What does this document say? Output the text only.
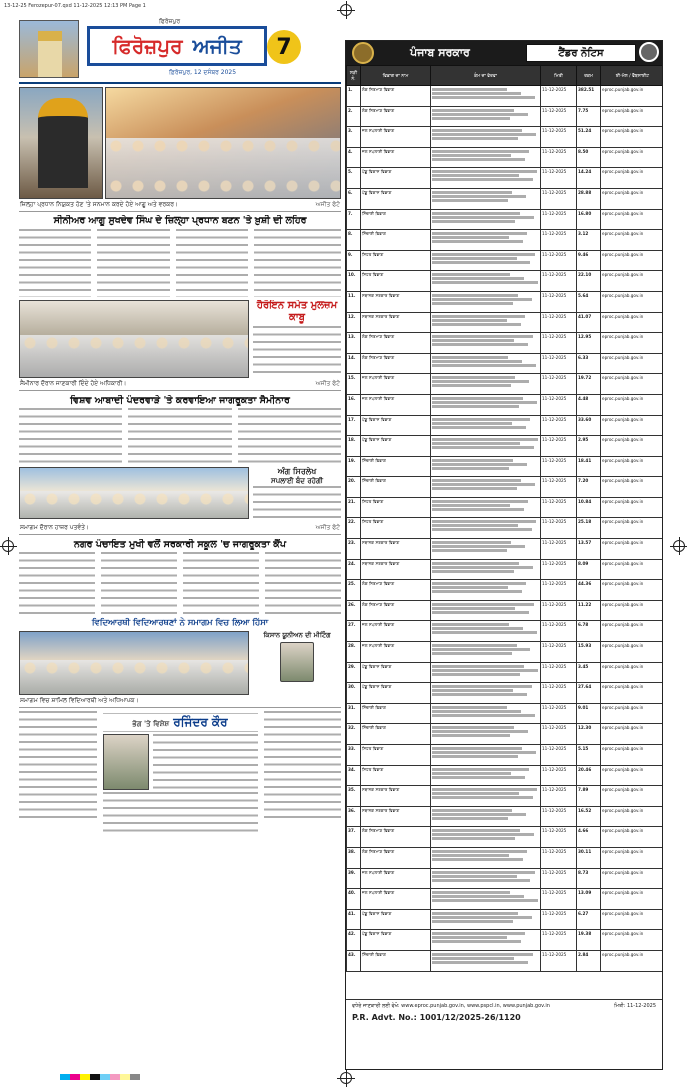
13-12-25 Ferozepur-07.qxd 11-12-2025 12:13 PM Page 1
ਫਿਰੋਜ਼ਪੁਰ
ਫਿਰੋਜ਼ਪੁਰ ਅਜੀਤ
ਫ਼ਿਰੋਜ਼ਪੁਰ, 12 ਦਸੰਬਰ 2025
7
ਜ਼ਿਲ੍ਹਾ ਪ੍ਰਧਾਨ ਨਿਯੁਕਤ ਹੋਣ 'ਤੇ ਸਨਮਾਨ ਕਰਦੇ ਹੋਏ ਆਗੂ ਅਤੇ ਵਰਕਰ।	ਅਜੀਤ ਫੋਟੋ
ਸੀਨੀਅਰ ਆਗੂ ਸੁਖਦੇਵ ਸਿੰਘ ਦੇ ਜ਼ਿਲ੍ਹਾ ਪ੍ਰਧਾਨ ਬਣਨ 'ਤੇ ਖ਼ੁਸ਼ੀ ਦੀ ਲਹਿਰ
ਹੈਰੋਇਨ ਸਮੇਤ ਮੁਲਜ਼ਮ ਕਾਬੂ
ਸੈਮੀਨਾਰ ਦੌਰਾਨ ਜਾਣਕਾਰੀ ਦਿੰਦੇ ਹੋਏ ਅਧਿਕਾਰੀ।	ਅਜੀਤ ਫੋਟੋ
ਵਿਸ਼ਵ ਆਬਾਦੀ ਪੰਦਰਵਾੜੇ 'ਤੇ ਕਰਵਾਇਆ ਜਾਗਰੂਕਤਾ ਸੈਮੀਨਾਰ
ਅੰਗ ਸਿਰਲੇਖ
ਸਪਲਾਈ ਬੰਦ ਰਹੇਗੀ
ਸਮਾਗਮ ਦੌਰਾਨ ਹਾਜ਼ਰ ਪਤਵੰਤੇ।	ਅਜੀਤ ਫੋਟੋ
ਨਗਰ ਪੰਚਾਇਤ ਮੁਖੀ ਵਲੋਂ ਸਰਕਾਰੀ ਸਕੂਲ 'ਚ ਜਾਗਰੂਕਤਾ ਕੈਂਪ
ਵਿਦਿਆਰਥੀ ਵਿਦਿਆਰਥਣਾਂ ਨੇ ਸਮਾਗਮ ਵਿਚ ਲਿਆ ਹਿੱਸਾ
ਕਿਸਾਨ ਯੂਨੀਅਨ ਦੀ ਮੀਟਿੰਗ
ਸਮਾਗਮ ਵਿਚ ਸ਼ਾਮਿਲ ਵਿਦਿਆਰਥੀ ਅਤੇ ਅਧਿਆਪਕ।
ਭੋਗ 'ਤੇ ਵਿਸ਼ੇਸ਼ ਰਜਿੰਦਰ ਕੌਰ
ਪੰਜਾਬ ਸਰਕਾਰ	ਟੈਂਡਰ ਨੋਟਿਸ
ਲੜੀ ਨੰ.	ਵਿਭਾਗ ਦਾ ਨਾਮ	ਕੰਮ ਦਾ ਵੇਰਵਾ	ਮਿਤੀ	ਰਕਮ	ਈ-ਮੇਲ / ਵੈੱਬਸਾਈਟ
1.	ਲੋਕ ਨਿਰਮਾਣ ਵਿਭਾਗ		11-12-2025	382.51	eproc.punjab.gov.in
2.	ਲੋਕ ਨਿਰਮਾਣ ਵਿਭਾਗ		11-12-2025	7.75	eproc.punjab.gov.in
3.	ਜਲ ਸਪਲਾਈ ਵਿਭਾਗ		11-12-2025	51.24	eproc.punjab.gov.in
4.	ਜਲ ਸਪਲਾਈ ਵਿਭਾਗ		11-12-2025	8.50	eproc.punjab.gov.in
5.	ਪੇਂਡੂ ਵਿਕਾਸ ਵਿਭਾਗ		11-12-2025	14.24	eproc.punjab.gov.in
6.	ਪੇਂਡੂ ਵਿਕਾਸ ਵਿਭਾਗ		11-12-2025	28.88	eproc.punjab.gov.in
7.	ਸਿੰਚਾਈ ਵਿਭਾਗ		11-12-2025	16.80	eproc.punjab.gov.in
8.	ਸਿੰਚਾਈ ਵਿਭਾਗ		11-12-2025	3.12	eproc.punjab.gov.in
9.	ਸਿਹਤ ਵਿਭਾਗ		11-12-2025	9.46	eproc.punjab.gov.in
10.	ਸਿਹਤ ਵਿਭਾਗ		11-12-2025	22.10	eproc.punjab.gov.in
11.	ਸਥਾਨਕ ਸਰਕਾਰ ਵਿਭਾਗ		11-12-2025	5.64	eproc.punjab.gov.in
12.	ਸਥਾਨਕ ਸਰਕਾਰ ਵਿਭਾਗ		11-12-2025	41.07	eproc.punjab.gov.in
13.	ਲੋਕ ਨਿਰਮਾਣ ਵਿਭਾਗ		11-12-2025	12.95	eproc.punjab.gov.in
14.	ਲੋਕ ਨਿਰਮਾਣ ਵਿਭਾਗ		11-12-2025	6.33	eproc.punjab.gov.in
15.	ਜਲ ਸਪਲਾਈ ਵਿਭਾਗ		11-12-2025	19.72	eproc.punjab.gov.in
16.	ਜਲ ਸਪਲਾਈ ਵਿਭਾਗ		11-12-2025	4.48	eproc.punjab.gov.in
17.	ਪੇਂਡੂ ਵਿਕਾਸ ਵਿਭਾਗ		11-12-2025	33.60	eproc.punjab.gov.in
18.	ਪੇਂਡੂ ਵਿਕਾਸ ਵਿਭਾਗ		11-12-2025	2.95	eproc.punjab.gov.in
19.	ਸਿੰਚਾਈ ਵਿਭਾਗ		11-12-2025	18.41	eproc.punjab.gov.in
20.	ਸਿੰਚਾਈ ਵਿਭਾਗ		11-12-2025	7.20	eproc.punjab.gov.in
21.	ਸਿਹਤ ਵਿਭਾਗ		11-12-2025	10.84	eproc.punjab.gov.in
22.	ਸਿਹਤ ਵਿਭਾਗ		11-12-2025	25.18	eproc.punjab.gov.in
23.	ਸਥਾਨਕ ਸਰਕਾਰ ਵਿਭਾਗ		11-12-2025	13.57	eproc.punjab.gov.in
24.	ਸਥਾਨਕ ਸਰਕਾਰ ਵਿਭਾਗ		11-12-2025	8.09	eproc.punjab.gov.in
25.	ਲੋਕ ਨਿਰਮਾਣ ਵਿਭਾਗ		11-12-2025	44.36	eproc.punjab.gov.in
26.	ਲੋਕ ਨਿਰਮਾਣ ਵਿਭਾਗ		11-12-2025	11.22	eproc.punjab.gov.in
27.	ਜਲ ਸਪਲਾਈ ਵਿਭਾਗ		11-12-2025	6.78	eproc.punjab.gov.in
28.	ਜਲ ਸਪਲਾਈ ਵਿਭਾਗ		11-12-2025	15.93	eproc.punjab.gov.in
29.	ਪੇਂਡੂ ਵਿਕਾਸ ਵਿਭਾਗ		11-12-2025	3.45	eproc.punjab.gov.in
30.	ਪੇਂਡੂ ਵਿਕਾਸ ਵਿਭਾਗ		11-12-2025	27.64	eproc.punjab.gov.in
31.	ਸਿੰਚਾਈ ਵਿਭਾਗ		11-12-2025	9.01	eproc.punjab.gov.in
32.	ਸਿੰਚਾਈ ਵਿਭਾਗ		11-12-2025	12.30	eproc.punjab.gov.in
33.	ਸਿਹਤ ਵਿਭਾਗ		11-12-2025	5.15	eproc.punjab.gov.in
34.	ਸਿਹਤ ਵਿਭਾਗ		11-12-2025	20.46	eproc.punjab.gov.in
35.	ਸਥਾਨਕ ਸਰਕਾਰ ਵਿਭਾਗ		11-12-2025	7.89	eproc.punjab.gov.in
36.	ਸਥਾਨਕ ਸਰਕਾਰ ਵਿਭਾਗ		11-12-2025	16.52	eproc.punjab.gov.in
37.	ਲੋਕ ਨਿਰਮਾਣ ਵਿਭਾਗ		11-12-2025	4.66	eproc.punjab.gov.in
38.	ਲੋਕ ਨਿਰਮਾਣ ਵਿਭਾਗ		11-12-2025	30.11	eproc.punjab.gov.in
39.	ਜਲ ਸਪਲਾਈ ਵਿਭਾਗ		11-12-2025	8.73	eproc.punjab.gov.in
40.	ਜਲ ਸਪਲਾਈ ਵਿਭਾਗ		11-12-2025	13.09	eproc.punjab.gov.in
41.	ਪੇਂਡੂ ਵਿਕਾਸ ਵਿਭਾਗ		11-12-2025	6.27	eproc.punjab.gov.in
42.	ਪੇਂਡੂ ਵਿਕਾਸ ਵਿਭਾਗ		11-12-2025	19.38	eproc.punjab.gov.in
43.	ਸਿੰਚਾਈ ਵਿਭਾਗ		11-12-2025	2.84	eproc.punjab.gov.in
ਮਿਤੀ: 11-12-2025
ਵਧੇਰੇ ਜਾਣਕਾਰੀ ਲਈ ਵੇਖੋ: www.eproc.punjab.gov.in, www.pspcl.in, www.punjab.gov.in
P.R. Advt. No.: 1001/12/2025-26/1120
